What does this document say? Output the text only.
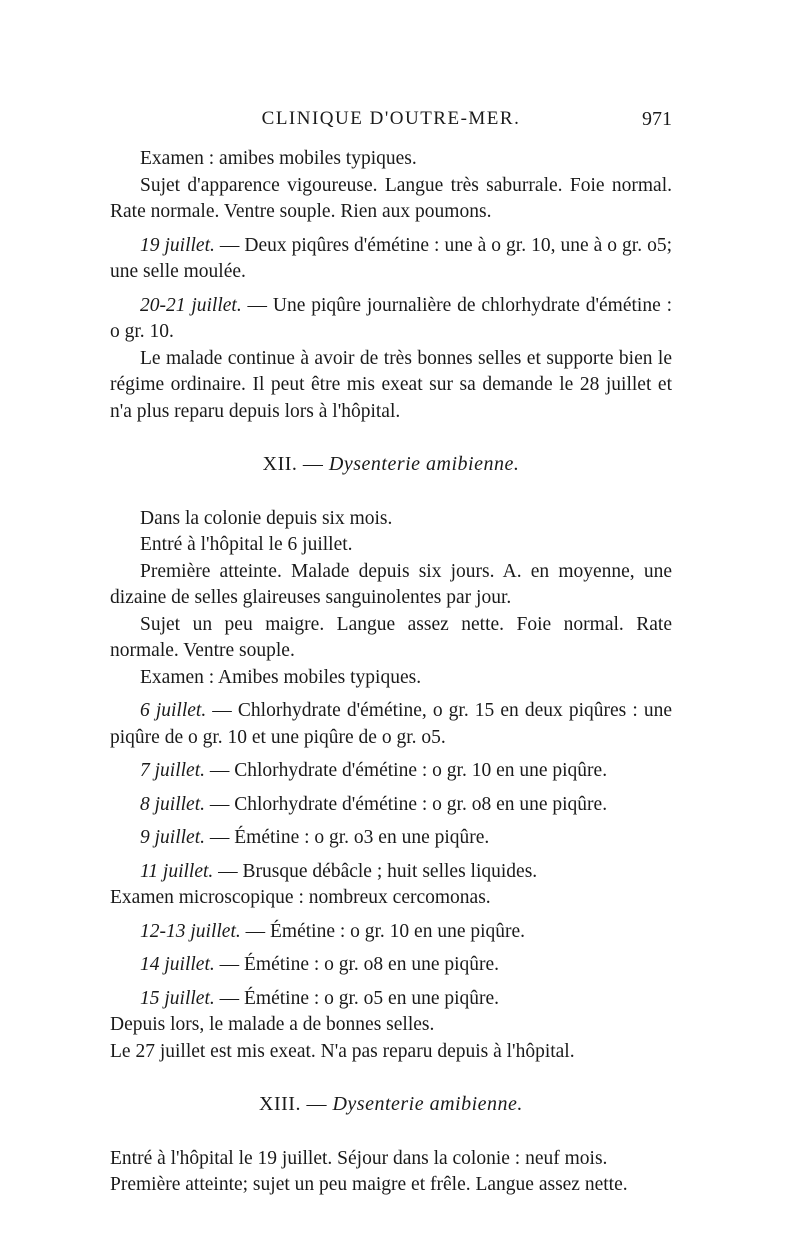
CLINIQUE D'OUTRE-MER.	971

Examen : amibes mobiles typiques.

Sujet d'apparence vigoureuse. Langue très saburrale. Foie normal. Rate normale. Ventre souple. Rien aux poumons.

19 juillet. — Deux piqûres d'émétine : une à o gr. 10, une à o gr. o5; une selle moulée.

20-21 juillet. — Une piqûre journalière de chlorhydrate d'émétine : o gr. 10.

Le malade continue à avoir de très bonnes selles et supporte bien le régime ordinaire. Il peut être mis exeat sur sa demande le 28 juillet et n'a plus reparu depuis lors à l'hôpital.

XII. — Dysenterie amibienne.

Dans la colonie depuis six mois.

Entré à l'hôpital le 6 juillet.

Première atteinte. Malade depuis six jours. A. en moyenne, une dizaine de selles glaireuses sanguinolentes par jour.

Sujet un peu maigre. Langue assez nette. Foie normal. Rate normale. Ventre souple.

Examen : Amibes mobiles typiques.

6 juillet. — Chlorhydrate d'émétine, o gr. 15 en deux piqûres : une piqûre de o gr. 10 et une piqûre de o gr. o5.

7 juillet. — Chlorhydrate d'émétine : o gr. 10 en une piqûre.

8 juillet. — Chlorhydrate d'émétine : o gr. o8 en une piqûre.

9 juillet. — Émétine : o gr. o3 en une piqûre.

11 juillet. — Brusque débâcle ; huit selles liquides.

Examen microscopique : nombreux cercomonas.

12-13 juillet. — Émétine : o gr. 10 en une piqûre.

14 juillet. — Émétine : o gr. o8 en une piqûre.

15 juillet. — Émétine : o gr. o5 en une piqûre.

Depuis lors, le malade a de bonnes selles.

Le 27 juillet est mis exeat. N'a pas reparu depuis à l'hôpital.

XIII. — Dysenterie amibienne.

Entré à l'hôpital le 19 juillet. Séjour dans la colonie : neuf mois.

Première atteinte; sujet un peu maigre et frêle. Langue assez nette.
